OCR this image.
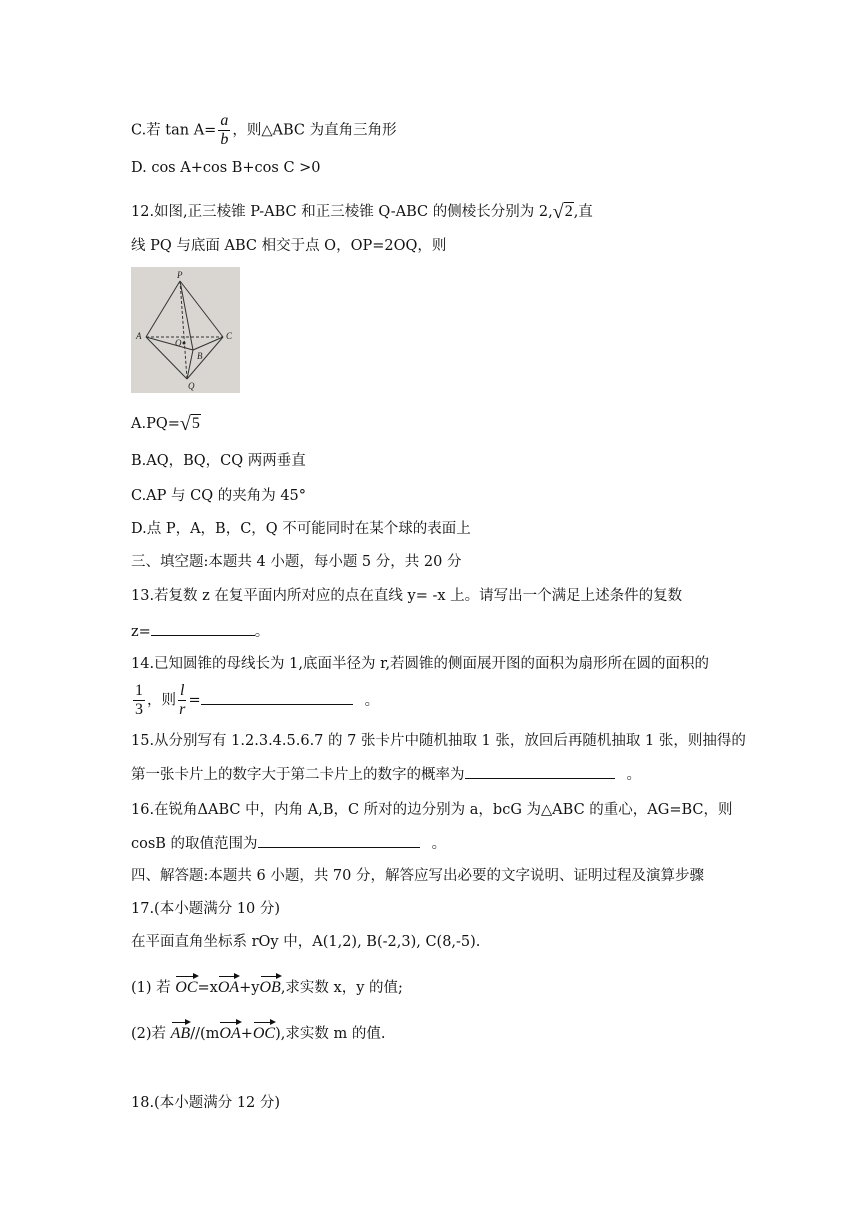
C.若 $\tan A= \frac{a}{b}$ ，则△ABC 为直角三角形
D. cos A+cos B+cos C >0
12.如图,正三棱锥 P-ABC 和正三棱锥 Q-ABC 的侧棱长分别为 2,√2,直
线 PQ 与底面 ABC 相交于点 O，OP=2OQ，则
P
A	C
O
B
Q
A.PQ=√5
B.AQ，BQ，CQ 两两垂直
C.AP 与 CQ 的夹角为 45°
D.点 P，A，B，C，Q 不可能同时在某个球的表面上
三、填空题:本题共 4 小题，每小题 5 分，共 20 分
13.若复数 z 在复平面内所对应的点在直线 y= -x 上。请写出一个满足上述条件的复数
z=	。
14.已知圆锥的母线长为 1,底面半径为 r,若圆锥的侧面展开图的面积为扇形所在圆的面积的
$\frac{1}{3}$ ，则 $\frac{l}{r}$ =	。
15.从分别写有 1.2.3.4.5.6.7 的 7 张卡片中随机抽取 1 张，放回后再随机抽取 1 张，则抽得的
第一张卡片上的数字大于第二卡片上的数字的概率为	。
16.在锐角ΔABC 中，内角 A,B，C 所对的边分别为 a，bcG 为△ABC 的重心，AG=BC，则
cosB 的取值范围为	。
四、解答题:本题共 6 小题，共 70 分，解答应写出必要的文字说明、证明过程及演算步骤
17.(本小题满分 10 分)
在平面直角坐标系 rOy 中，A(1,2), B(-2,3), C(8,-5).
(1) 若 OC=xOA+yOB,求实数 x，y 的值;
(2)若 AB//(mOA+OC),求实数 m 的值.
18.(本小题满分 12 分)
